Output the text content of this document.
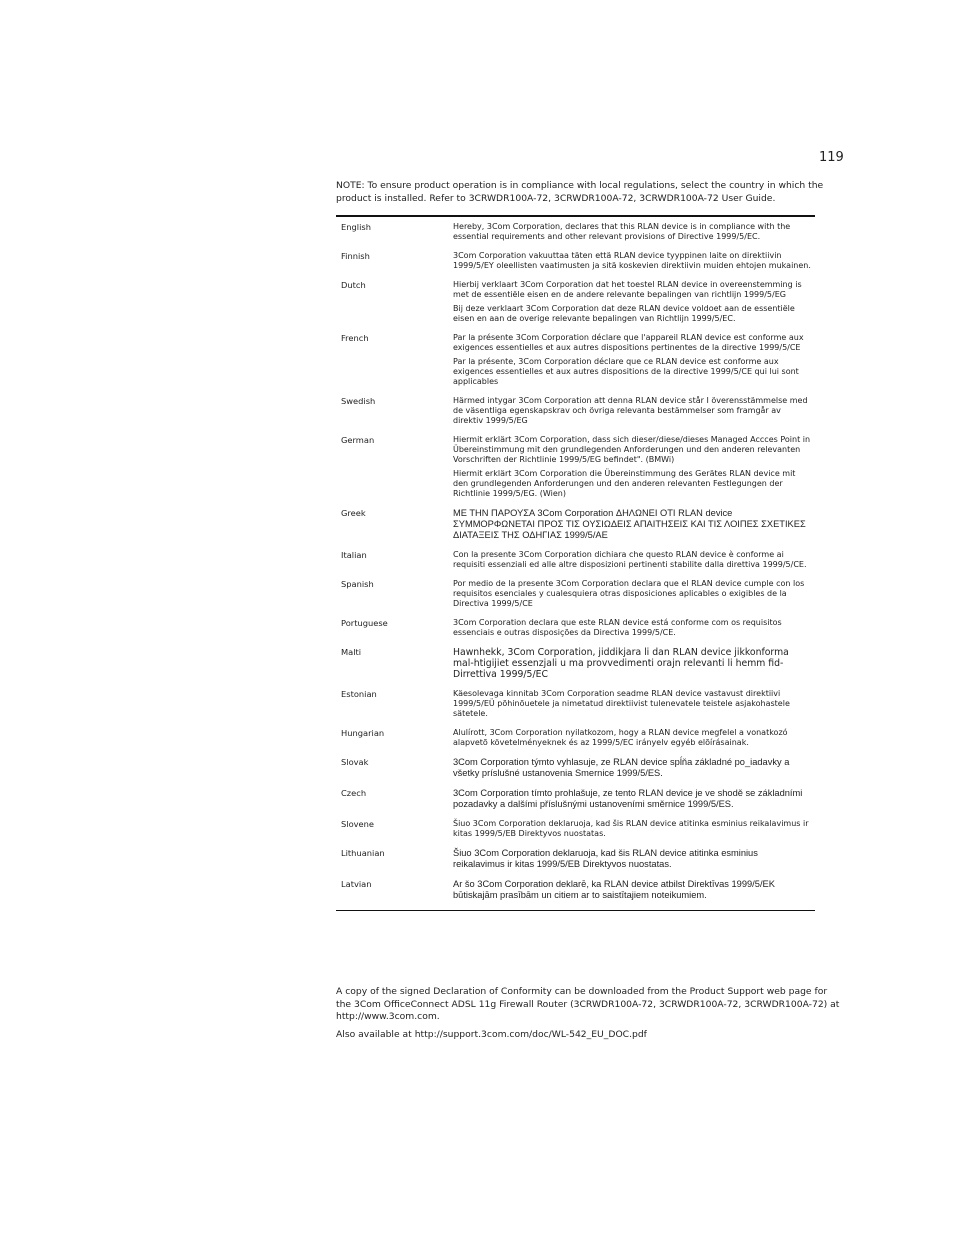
119

NOTE: To ensure product operation is in compliance with local regulations, select the country in which the product is installed. Refer to 3CRWDR100A-72, 3CRWDR100A-72, 3CRWDR100A-72 User Guide.

English	Hereby, 3Com Corporation, declares that this RLAN device is in compliance with the essential requirements and other relevant provisions of Directive 1999/5/EC.

Finnish	3Com Corporation vakuuttaa täten että RLAN device tyyppinen laite on direktiivin 1999/5/EY oleellisten vaatimusten ja sitä koskevien direktiivin muiden ehtojen mukainen.

Dutch	Hierbij verklaart 3Com Corporation dat het toestel RLAN device in overeenstemming is met de essentiële eisen en de andere relevante bepalingen van richtlijn 1999/5/EG

Bij deze verklaart 3Com Corporation dat deze RLAN device voldoet aan de essentiële eisen en aan de overige relevante bepalingen van Richtlijn 1999/5/EC.

French	Par la présente 3Com Corporation déclare que l'appareil RLAN device est conforme aux exigences essentielles et aux autres dispositions pertinentes de la directive 1999/5/CE

Par la présente, 3Com Corporation déclare que ce RLAN device est conforme aux exigences essentielles et aux autres dispositions de la directive 1999/5/CE qui lui sont applicables

Swedish	Härmed intygar 3Com Corporation att denna RLAN device står I överensstämmelse med de väsentliga egenskapskrav och övriga relevanta bestämmelser som framgår av direktiv 1999/5/EG

German	Hiermit erklärt 3Com Corporation, dass sich dieser/diese/dieses Managed Accces Point in Übereinstimmung mit den grundlegenden Anforderungen und den anderen relevanten Vorschriften der Richtlinie 1999/5/EG befindet". (BMWi)

Hiermit erklärt 3Com Corporation die Übereinstimmung des Gerätes RLAN device mit den grundlegenden Anforderungen und den anderen relevanten Festlegungen der Richtlinie 1999/5/EG. (Wien)

Greek	ΜΕ ΤΗΝ ΠΑΡΟΥΣΑ 3Com Corporation ΔΗΛΩΝΕΙ ΟΤΙ RLAN device ΣΥΜΜΟΡΦΩΝΕΤΑΙ ΠΡΟΣ ΤΙΣ ΟΥΣΙΩΔΕΙΣ ΑΠΑΙΤΗΣΕΙΣ ΚΑΙ ΤΙΣ ΛΟΙΠΕΣ ΣΧΕΤΙΚΕΣ ΔΙΑΤΑΞΕΙΣ ΤΗΣ ΟΔΗΓΙΑΣ 1999/5/ΑΕ

Italian	Con la presente 3Com Corporation dichiara che questo RLAN device è conforme ai requisiti essenziali ed alle altre disposizioni pertinenti stabilite dalla direttiva 1999/5/CE.

Spanish	Por medio de la presente 3Com Corporation declara que el RLAN device cumple con los requisitos esenciales y cualesquiera otras disposiciones aplicables o exigibles de la Directiva 1999/5/CE

Portuguese	3Com Corporation declara que este RLAN device está conforme com os requisitos essenciais e outras disposições da Directiva 1999/5/CE.

Malti	Hawnhekk, 3Com Corporation, jiddikjara li dan RLAN device jikkonforma mal-htigijiet essenzjali u ma provvedimenti orajn relevanti li hemm fid-Dirrettiva 1999/5/EC

Estonian	Käesolevaga kinnitab 3Com Corporation seadme RLAN device vastavust direktiivi 1999/5/EÜ põhinõuetele ja nimetatud direktiivist tulenevatele teistele asjakohastele sätetele.

Hungarian	Alulírott, 3Com Corporation nyilatkozom, hogy a RLAN device megfelel a vonatkozó alapvetõ követelményeknek és az 1999/5/EC irányelv egyéb elõírásainak.

Slovak	3Com Corporation týmto vyhlasuje, ze RLAN device spĺňa základné po_iadavky a všetky príslušné ustanovenia Smernice 1999/5/ES.

Czech	3Com Corporation tímto prohlašuje, ze tento RLAN device je ve shodě se základními pozadavky a dalšími příslušnými ustanoveními směrnice 1999/5/ES.

Slovene	Šiuo 3Com Corporation deklaruoja, kad šis RLAN device atitinka esminius reikalavimus ir kitas 1999/5/EB Direktyvos nuostatas.

Lithuanian	Šiuo 3Com Corporation deklaruoja, kad šis RLAN device atitinka esminius reikalavimus ir kitas 1999/5/EB Direktyvos nuostatas.

Latvian	Ar šo 3Com Corporation deklarē, ka RLAN device atbilst Direktīvas 1999/5/EK būtiskajām prasībām un citiem ar to saistītajiem noteikumiem.

A copy of the signed Declaration of Conformity can be downloaded from the Product Support web page for the 3Com OfficeConnect ADSL 11g Firewall Router (3CRWDR100A-72, 3CRWDR100A-72, 3CRWDR100A-72) at http://www.3com.com.

Also available at http://support.3com.com/doc/WL-542_EU_DOC.pdf
